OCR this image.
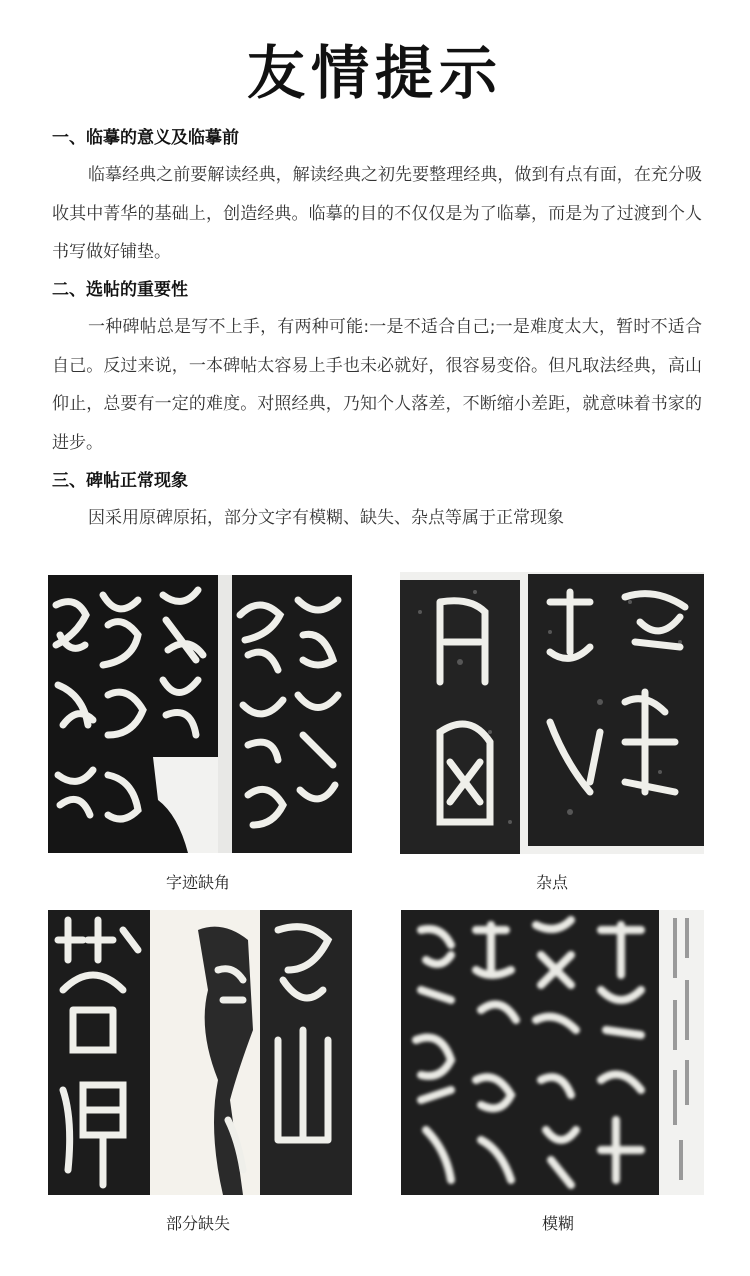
友情提示
一、临摹的意义及临摹前
临摹经典之前要解读经典，解读经典之初先要整理经典，做到有点有面，在充分吸收其中菁华的基础上，创造经典。临摹的目的不仅仅是为了临摹，而是为了过渡到个人书写做好铺垫。
二、选帖的重要性
一种碑帖总是写不上手，有两种可能:一是不适合自己;一是难度太大，暂时不适合自己。反过来说，一本碑帖太容易上手也未必就好，很容易变俗。但凡取法经典，高山仰止，总要有一定的难度。对照经典，乃知个人落差，不断缩小差距，就意味着书家的进步。
三、碑帖正常现象
因采用原碑原拓，部分文字有模糊、缺失、杂点等属于正常现象
字迹缺角	杂点
部分缺失	模糊
